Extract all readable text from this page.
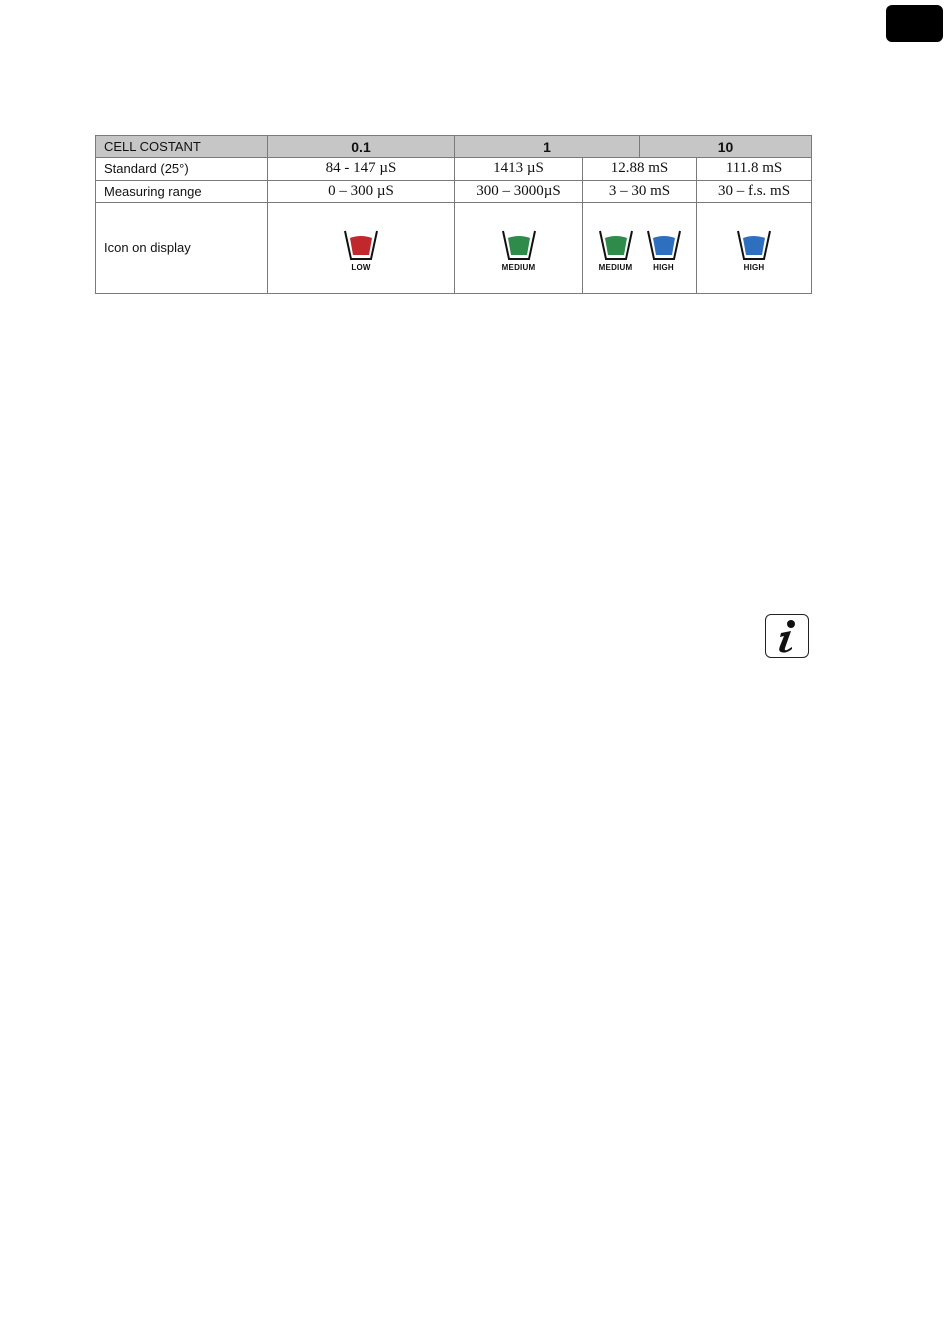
CELL COSTANT	0.1	1		10	
Standard (25°)	84 - 147 µS	1413 µS	12.88 mS		111.8 mS
Measuring range	0 – 300 µS	300 – 3000µS	3 – 30 mS		30 – f.s. mS
Icon on display	LOW	MEDIUM	MEDIUM HIGH		HIGH
